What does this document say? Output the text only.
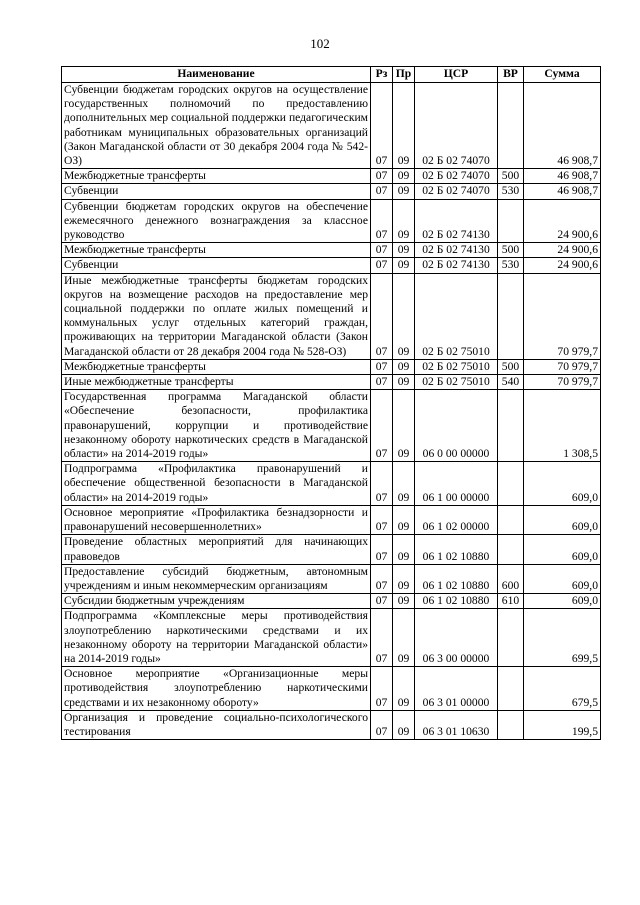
102
Наименование	Рз	Пр	ЦСР	ВР	Сумма
Субвенции бюджетам городских округов на осуществление государственных полномочий по предоставлению дополнительных мер социальной поддержки педагогическим работникам муниципальных образовательных организаций (Закон Магаданской области от 30 декабря 2004 года № 542-ОЗ)	07	09	02 Б 02 74070		46 908,7
Межбюджетные трансферты	07	09	02 Б 02 74070	500	46 908,7
Субвенции	07	09	02 Б 02 74070	530	46 908,7
Субвенции бюджетам городских округов на обеспечение ежемесячного денежного вознаграждения за классное руководство	07	09	02 Б 02 74130		24 900,6
Межбюджетные трансферты	07	09	02 Б 02 74130	500	24 900,6
Субвенции	07	09	02 Б 02 74130	530	24 900,6
Иные межбюджетные трансферты бюджетам городских округов на возмещение расходов на предоставление мер социальной поддержки по оплате жилых помещений и коммунальных услуг отдельных категорий граждан, проживающих на территории Магаданской области (Закон Магаданской области от 28 декабря 2004 года № 528-ОЗ)	07	09	02 Б 02 75010		70 979,7
Межбюджетные трансферты	07	09	02 Б 02 75010	500	70 979,7
Иные межбюджетные трансферты	07	09	02 Б 02 75010	540	70 979,7
Государственная программа Магаданской области «Обеспечение безопасности, профилактика правонарушений, коррупции и противодействие незаконному обороту наркотических средств в Магаданской области» на 2014-2019 годы»	07	09	06 0 00 00000		1 308,5
Подпрограмма «Профилактика правонарушений и обеспечение общественной безопасности в Магаданской области» на 2014-2019 годы»	07	09	06 1 00 00000		609,0
Основное мероприятие «Профилактика безнадзорности и правонарушений несовершеннолетних»	07	09	06 1 02 00000		609,0
Проведение областных мероприятий для начинающих правоведов	07	09	06 1 02 10880		609,0
Предоставление субсидий бюджетным, автономным учреждениям и иным некоммерческим организациям	07	09	06 1 02 10880	600	609,0
Субсидии бюджетным учреждениям	07	09	06 1 02 10880	610	609,0
Подпрограмма «Комплексные меры противодействия злоупотреблению наркотическими средствами и их незаконному обороту на территории Магаданской области» на 2014-2019 годы»	07	09	06 3 00 00000		699,5
Основное мероприятие «Организационные меры противодействия злоупотреблению наркотическими средствами и их незаконному обороту»	07	09	06 3 01 00000		679,5
Организация и проведение социально-психологического тестирования	07	09	06 3 01 10630		199,5
